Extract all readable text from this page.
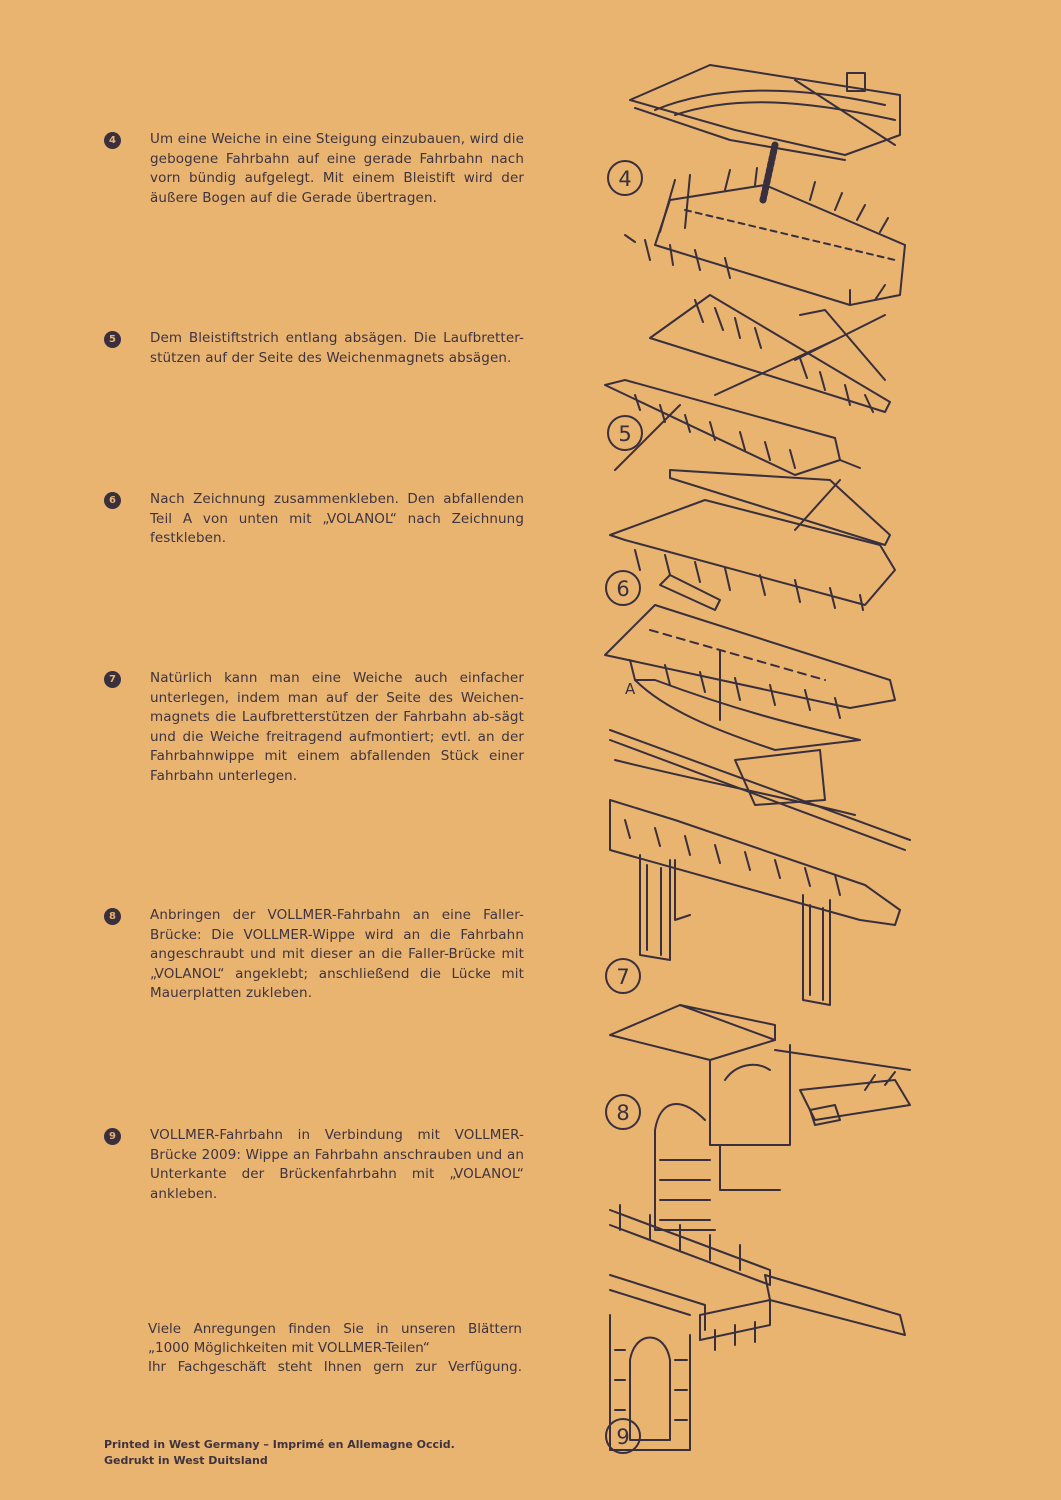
4	Um eine Weiche in eine Steigung einzubauen, wird die gebogene Fahrbahn auf eine gerade Fahrbahn nach vorn bündig aufgelegt. Mit einem Bleistift wird der äußere Bogen auf die Gerade übertragen.
5	Dem Bleistiftstrich entlang absägen. Die Laufbretter-stützen auf der Seite des Weichenmagnets absägen.
6	Nach Zeichnung zusammenkleben. Den abfallenden Teil A von unten mit „VOLANOL“ nach Zeichnung festkleben.
7	Natürlich kann man eine Weiche auch einfacher unterlegen, indem man auf der Seite des Weichen-magnets die Laufbretterstützen der Fahrbahn ab-sägt und die Weiche freitragend aufmontiert; evtl. an der Fahrbahnwippe mit einem abfallenden Stück einer Fahrbahn unterlegen.
8	Anbringen der VOLLMER-Fahrbahn an eine Faller-Brücke: Die VOLLMER-Wippe wird an die Fahrbahn angeschraubt und mit dieser an die Faller-Brücke mit „VOLANOL“ angeklebt; anschließend die Lücke mit Mauerplatten zukleben.
9	VOLLMER-Fahrbahn in Verbindung mit VOLLMER-Brücke 2009: Wippe an Fahrbahn anschrauben und an Unterkante der Brückenfahrbahn mit „VOLANOL“ ankleben.
Viele Anregungen finden Sie in unseren Blättern
„1000 Möglichkeiten mit VOLLMER-Teilen“
Ihr Fachgeschäft steht Ihnen gern zur Verfügung.
Printed in West Germany – Imprimé en Allemagne Occid.
Gedrukt in West Duitsland
4
5
6
A
7
8
9
